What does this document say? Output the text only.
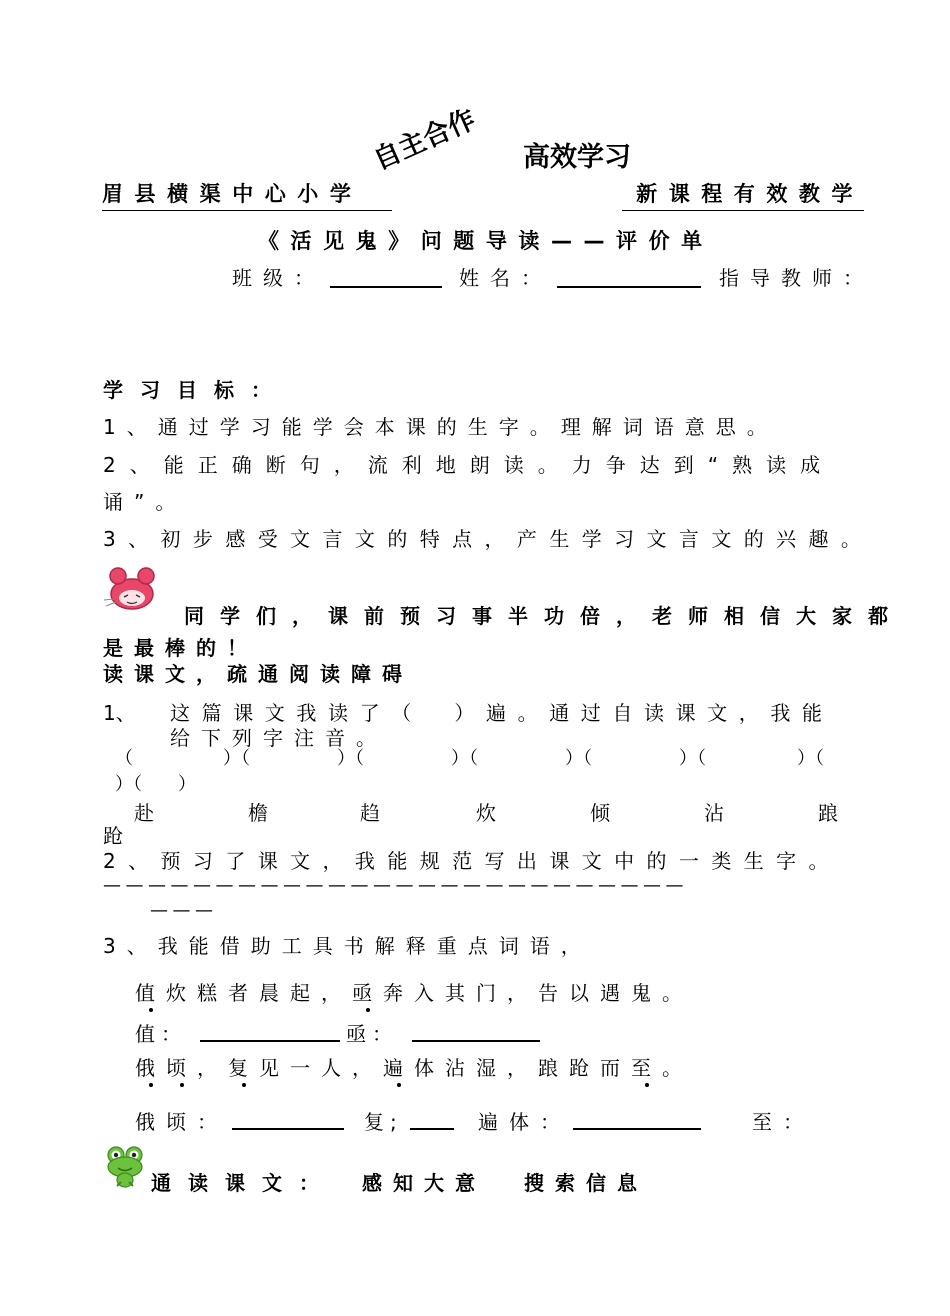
自主合作 高效学习
眉县横渠中心小学	新课程有效教学
《活见鬼》问题导读——评价单
班级：	姓名：	指导教师：
学习目标：
1、通过学习能学会本课的生字。理解词语意思。
2、能正确断句，流利地朗读。力争达到“熟读成
诵”。
3、初步感受文言文的特点，产生学习文言文的兴趣。
同学们，课前预习事半功倍，老师相信大家都
是最棒的！
读课文，疏通阅读障碍
1、 这篇课文我读了（　）遍。通过自读课文，我能
给下列字注音。
（	）（	）（	）（	）（	）（	）（
）（　　）
赴	檐	趋	炊	倾	沾	踉
跄
2、预习了课文，我能规范写出课文中的一类生字。
——————————————————————————
———
3、我能借助工具书解释重点词语，
值炊糕者晨起，亟奔入其门，告以遇鬼。
值：	亟：
俄顷，复见一人，遍体沾湿，踉跄而至。
俄顷：	复;	遍体：	至：
通读课文： 感知大意 搜索信息
